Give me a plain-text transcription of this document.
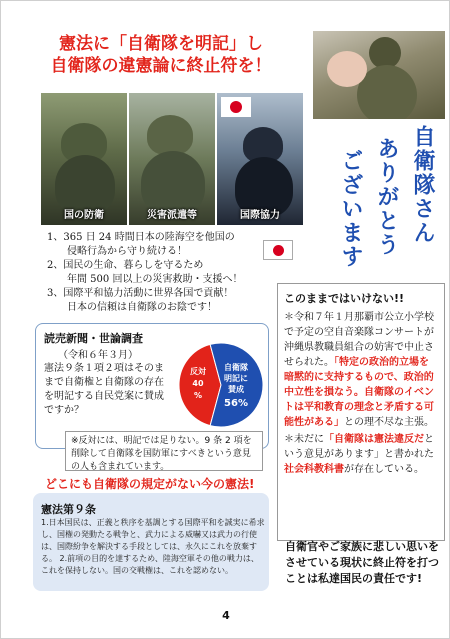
憲法に「自衛隊を明記」し
自衛隊の違憲論に終止符を！
国の防衛	災害派遣等	国際協力	自衛隊さん
ありがとう
ございます
1、365 日 24 時間日本の陸海空を他国の
　　侵略行為から守り続ける！
2、国民の生命、暮らしを守るため
　　年間 500 回以上の災害救助・支援へ！
3、国際平和協力活動に世界各国で貢献！
　　日本の信頼は自衛隊のお陰です！
読売新聞・世論調査
（令和６年３月）
憲法９条１項２項はそのままで自衛権と自衛隊の存在を明記する自民党案に賛成ですか？
反対
40
%
自衛隊
明記に
賛成
56%
※反対には、明記では足りない。9 条 2 項を削除して自衛隊を国防軍にすべきという意見の人も含まれています。
どこにも自衛隊の規定がない今の憲法!
憲法第９条
1.日本国民は、正義と秩序を基調とする国際平和を誠実に希求し、国権の発動たる戦争と、武力による威嚇又は武力の行使は、国際紛争を解決する手段としては、永久にこれを放棄する。 2.前項の目的を達するため、陸海空軍その他の戦力は、これを保持しない。国の交戦権は、これを認めない。
このままではいけない!!
＊令和７年１月那覇市公立小学校で予定の空自音楽隊コンサートが沖縄県教職員組合の妨害で中止させられた。「特定の政治的立場を暗黙的に支持するもので、政治的中立性を損なう。自衛隊のイベントは平和教育の理念と矛盾する可能性がある」との理不尽な主張。
＊未だに「自衛隊は憲法違反だという意見があります」と書かれた社会科教科書が存在している。
自衛官やご家族に悲しい思いをさせている現状に終止符を打つことは私達国民の責任です!
4
